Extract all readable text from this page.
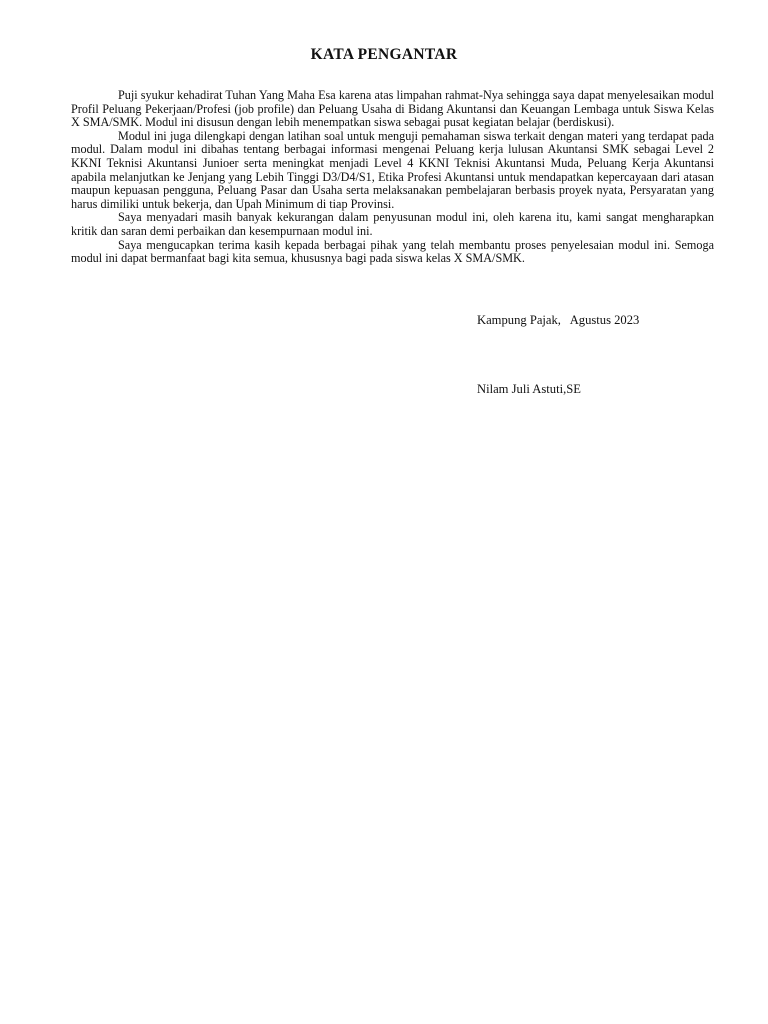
KATA PENGANTAR

Puji syukur kehadirat Tuhan Yang Maha Esa karena atas limpahan rahmat-Nya sehingga saya dapat menyelesaikan modul Profil Peluang Pekerjaan/Profesi (job profile) dan Peluang Usaha di Bidang Akuntansi dan Keuangan Lembaga untuk Siswa Kelas X SMA/SMK. Modul ini disusun dengan lebih menempatkan siswa sebagai pusat kegiatan belajar (berdiskusi).

Modul ini juga dilengkapi dengan latihan soal untuk menguji pemahaman siswa terkait dengan materi yang terdapat pada modul. Dalam modul ini dibahas tentang berbagai informasi mengenai Peluang kerja lulusan Akuntansi SMK sebagai Level 2 KKNI Teknisi Akuntansi Junioer serta meningkat menjadi Level 4 KKNI Teknisi Akuntansi Muda, Peluang Kerja Akuntansi apabila melanjutkan ke Jenjang yang Lebih Tinggi D3/D4/S1, Etika Profesi Akuntansi untuk mendapatkan kepercayaan dari atasan maupun kepuasan pengguna, Peluang Pasar dan Usaha serta melaksanakan pembelajaran berbasis proyek nyata, Persyaratan yang harus dimiliki untuk bekerja, dan Upah Minimum di tiap Provinsi.

Saya menyadari masih banyak kekurangan dalam penyusunan modul ini, oleh karena itu, kami sangat mengharapkan kritik dan saran demi perbaikan dan kesempurnaan modul ini.

Saya mengucapkan terima kasih kepada berbagai pihak yang telah membantu proses penyelesaian modul ini. Semoga modul ini dapat bermanfaat bagi kita semua, khususnya bagi pada siswa kelas X SMA/SMK.

Kampung Pajak,   Agustus 2023
Nilam Juli Astuti,SE
